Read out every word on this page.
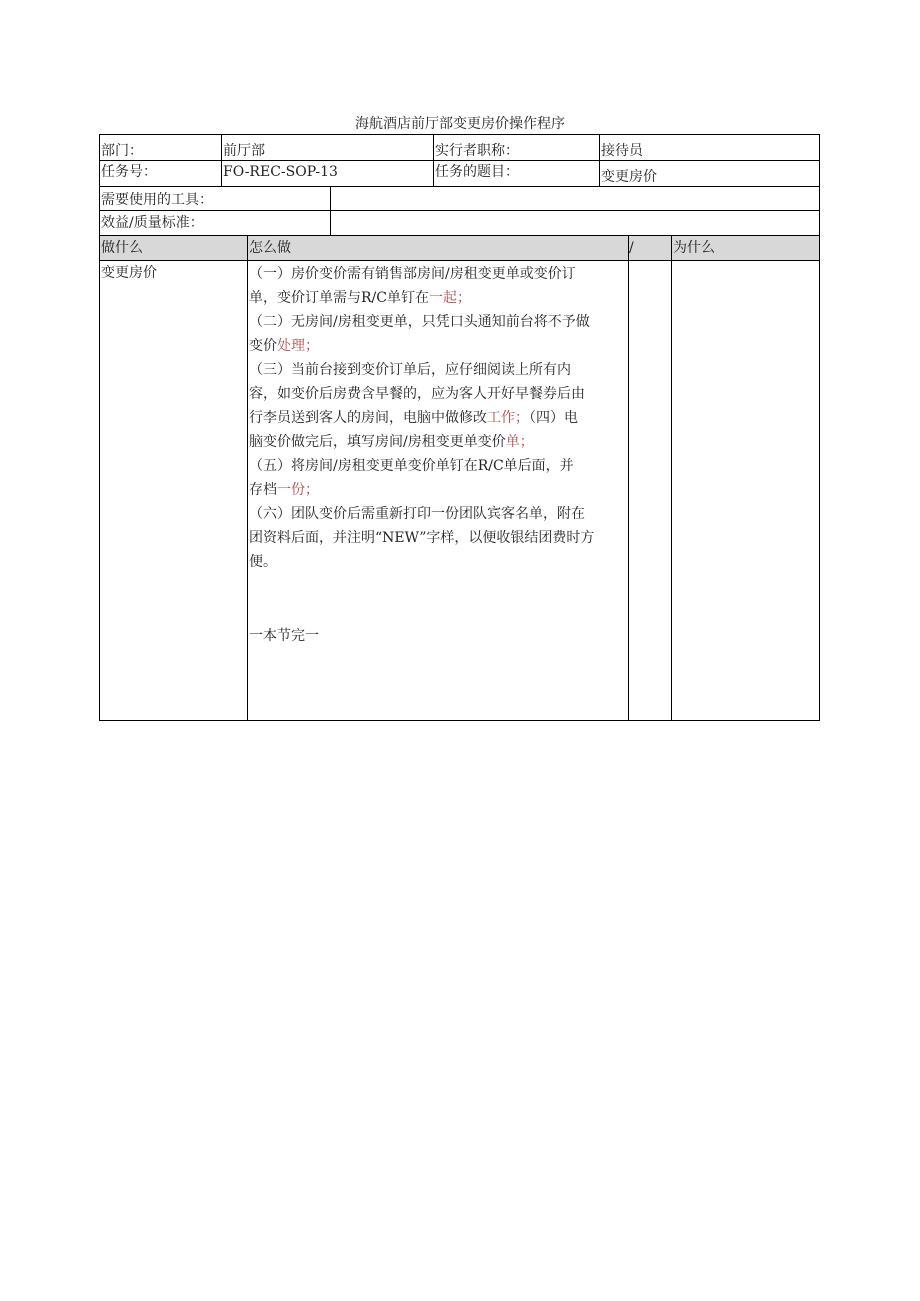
海航酒店前厅部变更房价操作程序
部门：	前厅部	实行者职称：	接待员
任务号：	FO-REC-SOP-13	任务的题目：	变更房价
需要使用的工具：
效益/质量标准：
做什么	怎么做	/	为什么
变更房价	（一）房价变价需有销售部房间/房租变更单或变价订
单，变价订单需与R/C单钉在一起；
（二）无房间/房租变更单，只凭口头通知前台将不予做
变价处理；
（三）当前台接到变价订单后，应仔细阅读上所有内
容，如变价后房费含早餐的，应为客人开好早餐券后由
行李员送到客人的房间，电脑中做修改工作；（四）电
脑变价做完后，填写房间/房租变更单变价单；
（五）将房间/房租变更单变价单钉在R/C单后面，并
存档一份；
（六）团队变价后需重新打印一份团队宾客名单，附在
团资料后面，并注明“NEW”字样，以便收银结团费时方
便。
一本节完一
